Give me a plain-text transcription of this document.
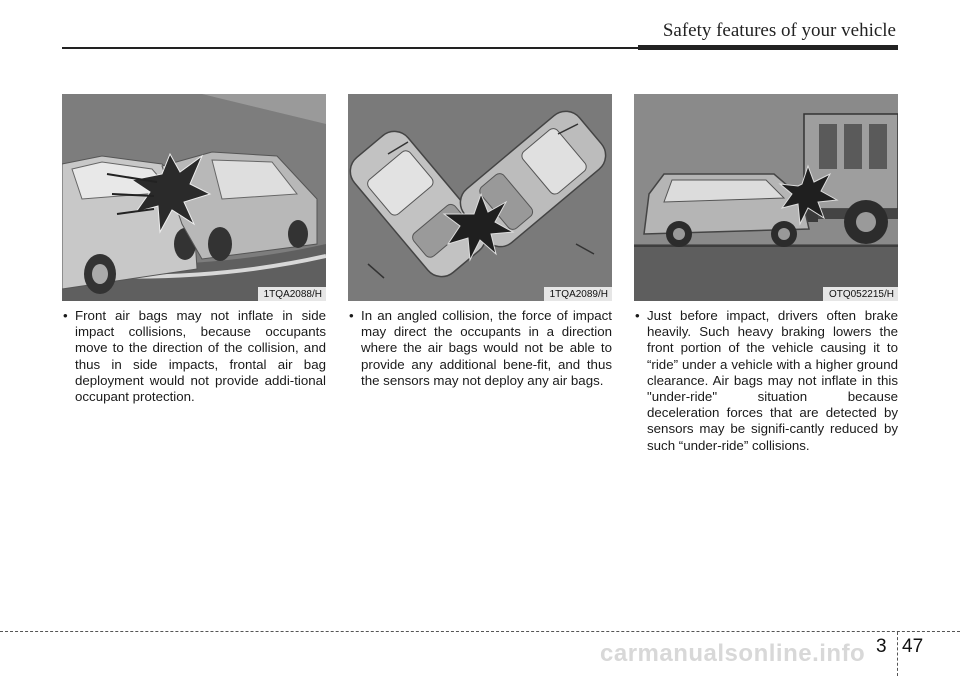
Safety features of your vehicle
1TQA2088/H	1TQA2089/H	OTQ052215/H
• Front air bags may not inflate in side impact collisions, because occupants move to the direction of the collision, and thus in side impacts, frontal air bag deployment would not provide addi-tional occupant protection.
• In an angled collision, the force of impact may direct the occupants in a direction where the air bags would not be able to provide any additional bene-fit, and thus the sensors may not deploy any air bags.
• Just before impact, drivers often brake heavily. Such heavy braking lowers the front portion of the vehicle causing it to “ride” under a vehicle with a higher ground clearance. Air bags may not inflate in this "under-ride" situation because deceleration forces that are detected by sensors may be signifi-cantly reduced by such “under-ride” collisions.
carmanualsonline.info 3 47
